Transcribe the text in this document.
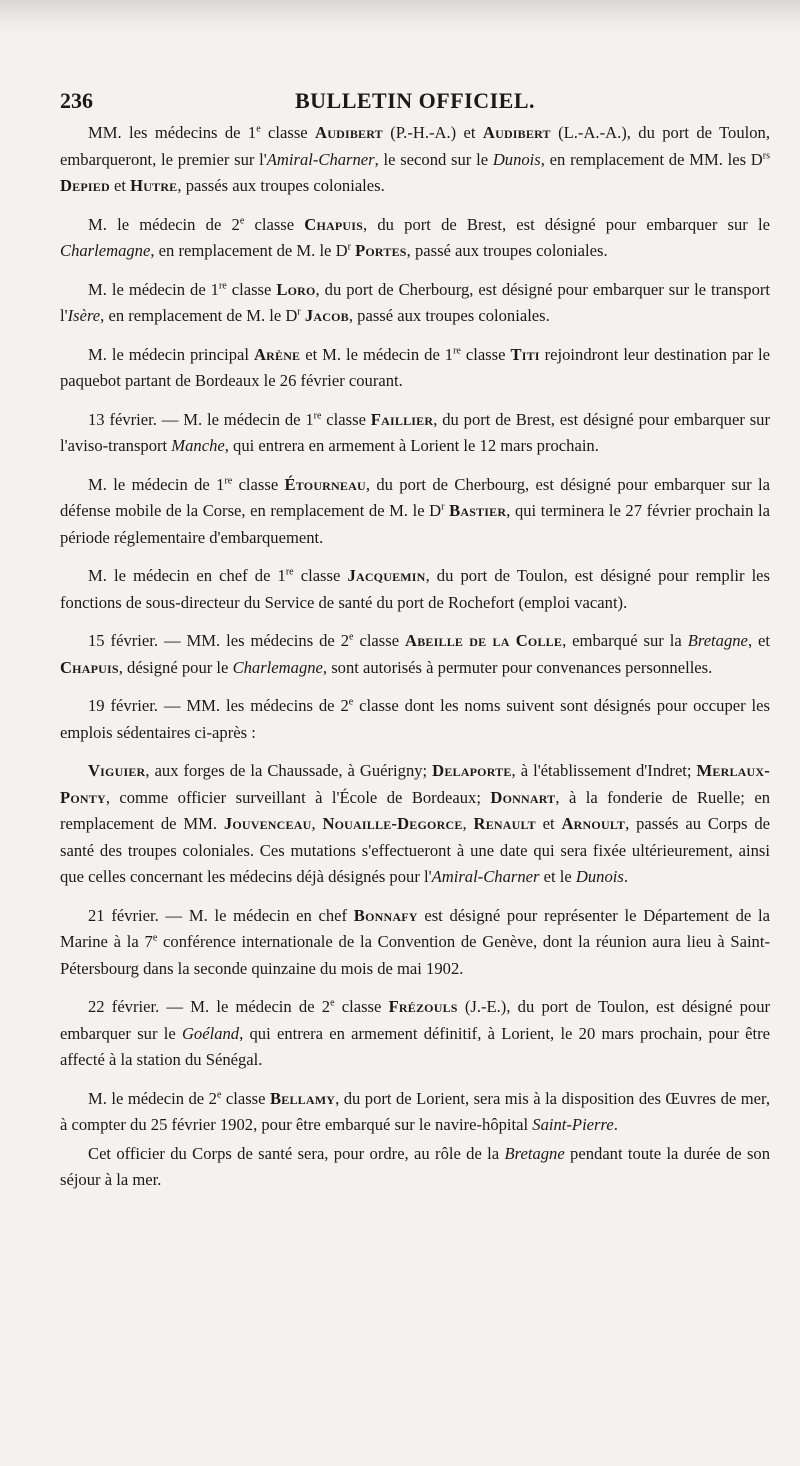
236	BULLETIN OFFICIEL.

MM. les médecins de 1e classe Audibert (P.-H.-A.) et Audibert (L.-A.-A.), du port de Toulon, embarqueront, le premier sur l'Amiral-Charner, le second sur le Dunois, en remplacement de MM. les $D^{rs}$ Depied et Hutre, passés aux troupes coloniales.

M. le médecin de 2e classe Chapuis, du port de Brest, est désigné pour embarquer sur le Charlemagne, en remplacement de M. le $D^r$ Portes, passé aux troupes coloniales.

M. le médecin de 1re classe Loro, du port de Cherbourg, est désigné pour embarquer sur le transport l'Isère, en remplacement de M. le $D^r$ Jacob, passé aux troupes coloniales.

M. le médecin principal Arène et M. le médecin de 1re classe Titi rejoindront leur destination par le paquebot partant de Bordeaux le 26 février courant.

13 février. — M. le médecin de 1re classe Faillier, du port de Brest, est désigné pour embarquer sur l'aviso-transport Manche, qui entrera en armement à Lorient le 12 mars prochain.

M. le médecin de 1re classe Étourneau, du port de Cherbourg, est désigné pour embarquer sur la défense mobile de la Corse, en remplacement de M. le $D^r$ Bastier, qui terminera le 27 février prochain la période réglementaire d'embarquement.

M. le médecin en chef de 1re classe Jacquemin, du port de Toulon, est désigné pour remplir les fonctions de sous-directeur du Service de santé du port de Rochefort (emploi vacant).

15 février. — MM. les médecins de 2e classe Abeille de la Colle, embarqué sur la Bretagne, et Chapuis, désigné pour le Charlemagne, sont autorisés à permuter pour convenances personnelles.

19 février. — MM. les médecins de 2e classe dont les noms suivent sont désignés pour occuper les emplois sédentaires ci-après :

Viguier, aux forges de la Chaussade, à Guérigny; Delaporte, à l'établissement d'Indret; Merlaux-Ponty, comme officier surveillant à l'École de Bordeaux; Donnart, à la fonderie de Ruelle; en remplacement de MM. Jouvenceau, Nouaille-Degorce, Renault et Arnoult, passés au Corps de santé des troupes coloniales. Ces mutations s'effectueront à une date qui sera fixée ultérieurement, ainsi que celles concernant les médecins déjà désignés pour l'Amiral-Charner et le Dunois.

21 février. — M. le médecin en chef Bonnafy est désigné pour représenter le Département de la Marine à la 7e conférence internationale de la Convention de Genève, dont la réunion aura lieu à Saint-Pétersbourg dans la seconde quinzaine du mois de mai 1902.

22 février. — M. le médecin de 2e classe Frézouls (J.-E.), du port de Toulon, est désigné pour embarquer sur le Goéland, qui entrera en armement définitif, à Lorient, le 20 mars prochain, pour être affecté à la station du Sénégal.

M. le médecin de 2e classe Bellamy, du port de Lorient, sera mis à la disposition des Œuvres de mer, à compter du 25 février 1902, pour être embarqué sur le navire-hôpital Saint-Pierre.

Cet officier du Corps de santé sera, pour ordre, au rôle de la Bretagne pendant toute la durée de son séjour à la mer.
